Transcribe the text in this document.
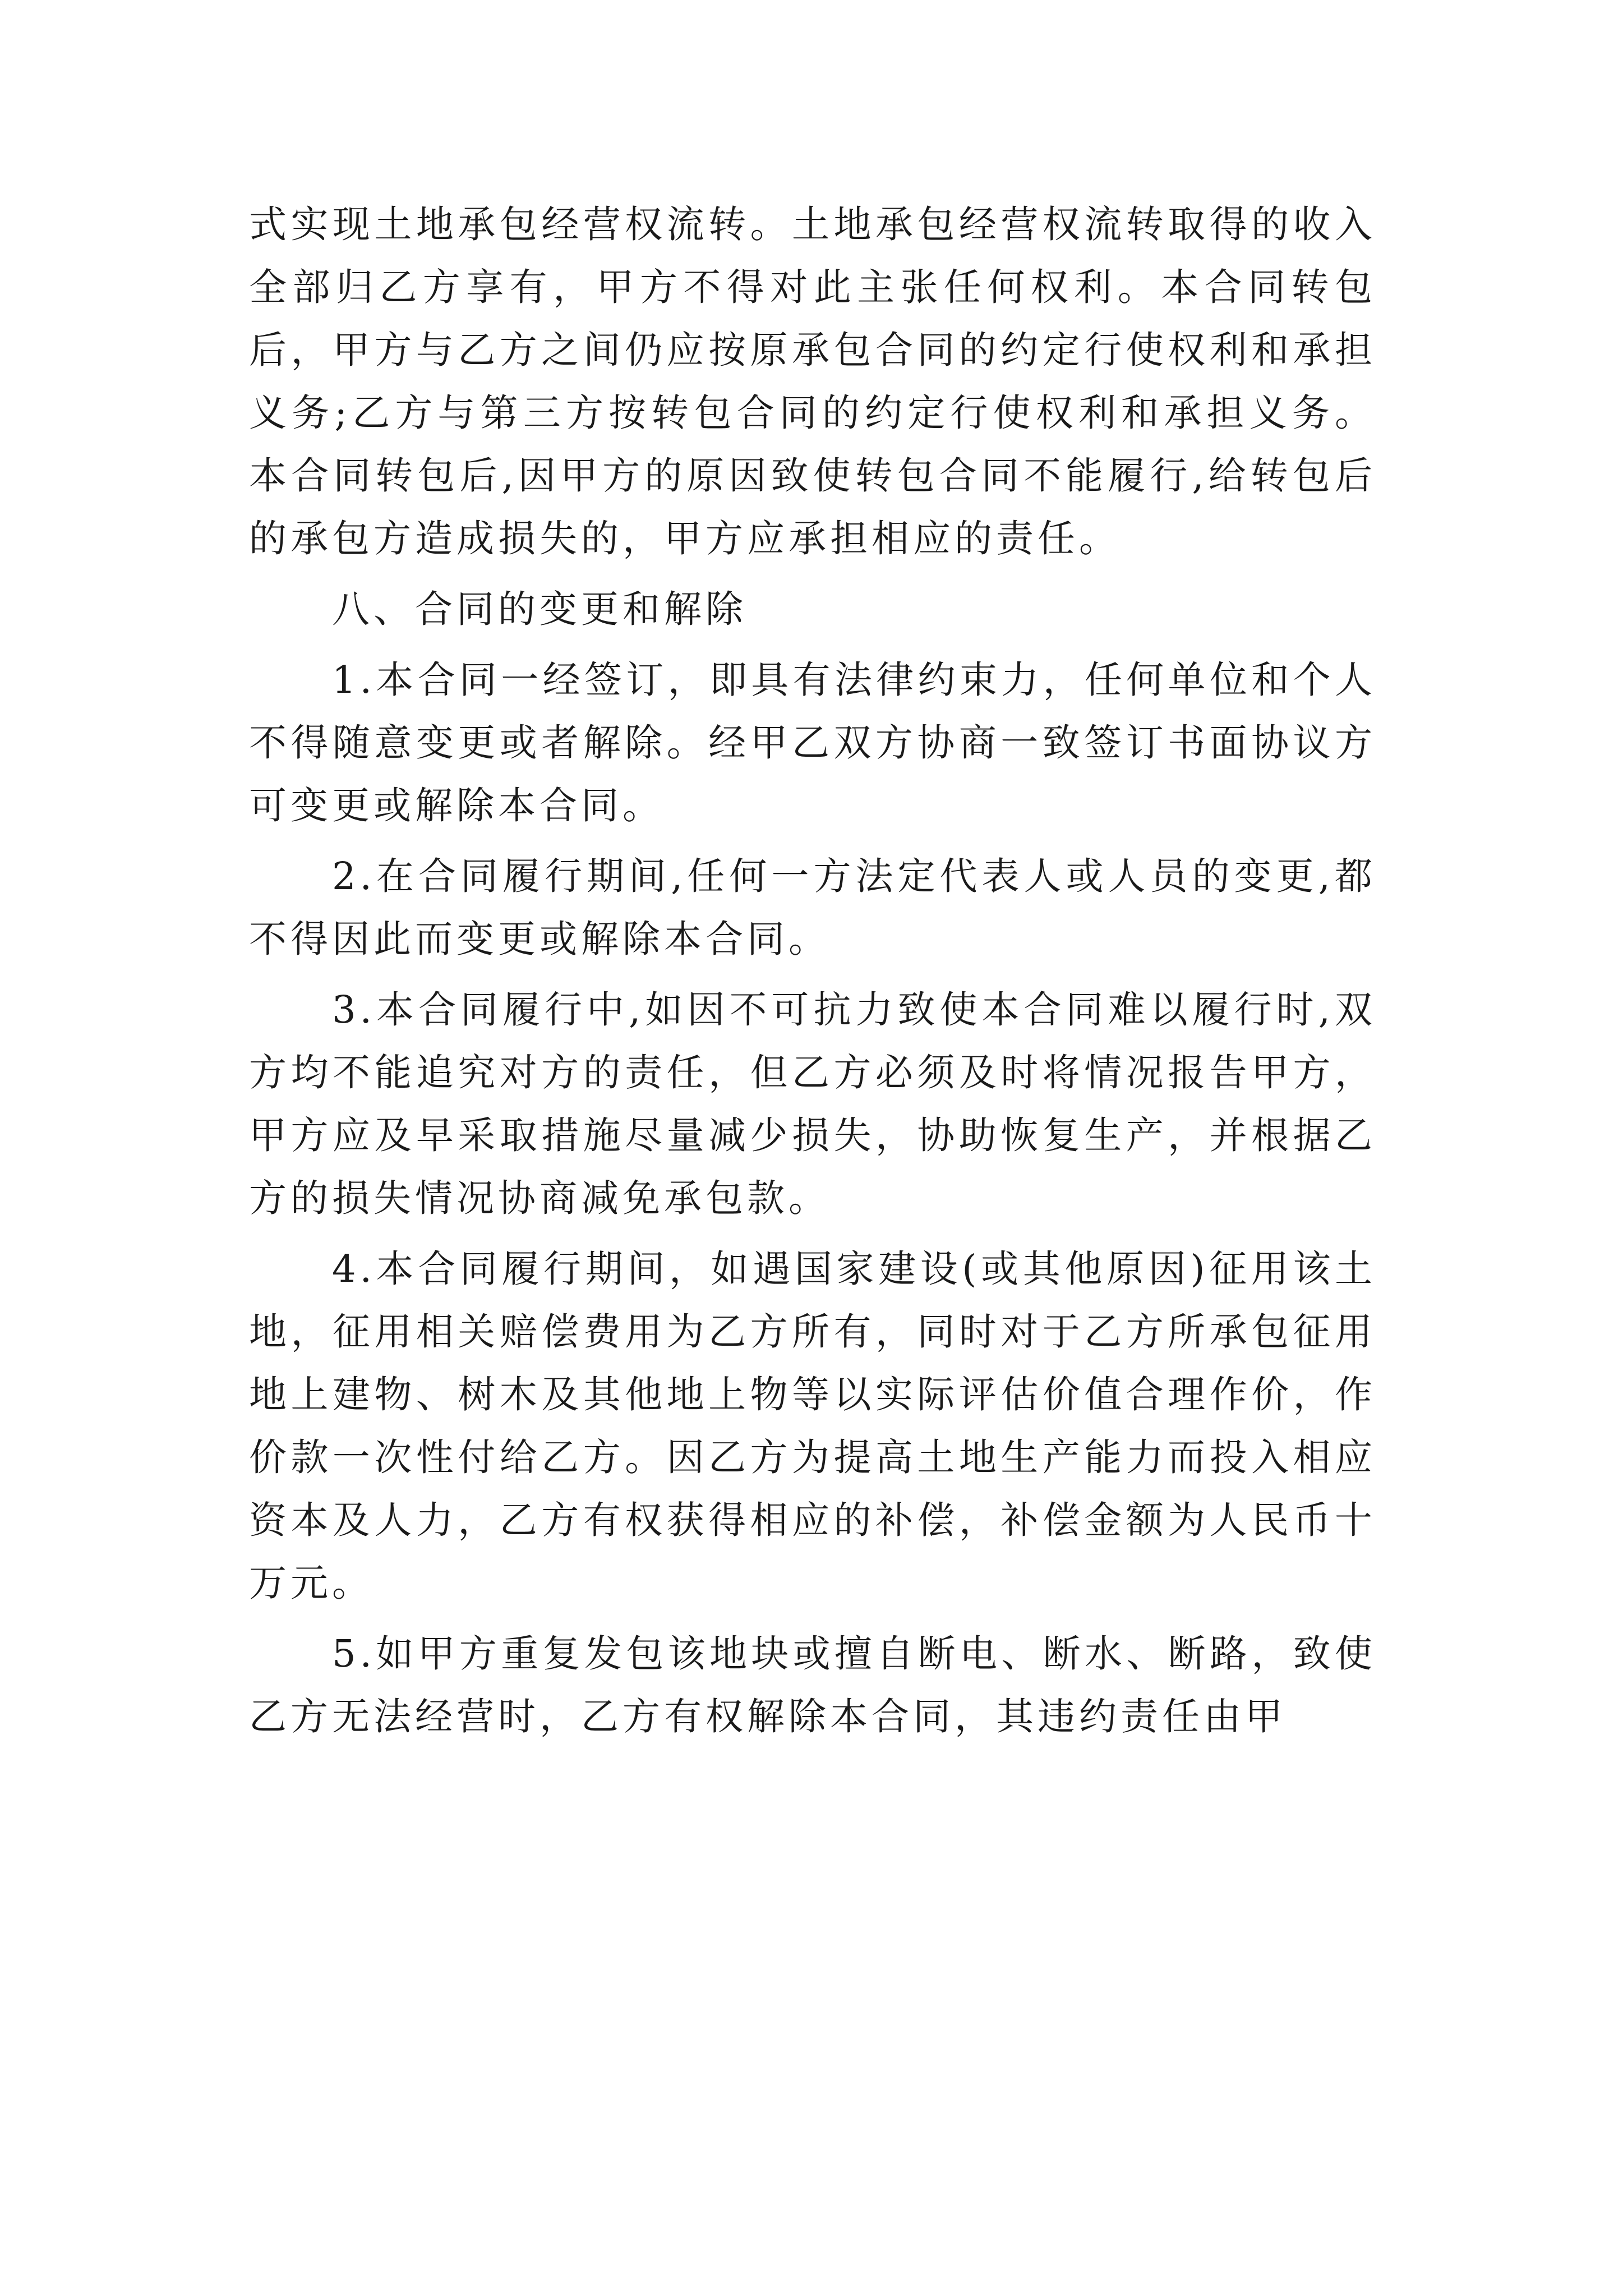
式实现土地承包经营权流转。土地承包经营权流转取得的收入全部归乙方享有，甲方不得对此主张任何权利。本合同转包后，甲方与乙方之间仍应按原承包合同的约定行使权利和承担义务;乙方与第三方按转包合同的约定行使权利和承担义务。本合同转包后,因甲方的原因致使转包合同不能履行,给转包后的承包方造成损失的，甲方应承担相应的责任。

八、合同的变更和解除

1.本合同一经签订，即具有法律约束力，任何单位和个人不得随意变更或者解除。经甲乙双方协商一致签订书面协议方可变更或解除本合同。

2.在合同履行期间,任何一方法定代表人或人员的变更,都不得因此而变更或解除本合同。

3.本合同履行中,如因不可抗力致使本合同难以履行时,双方均不能追究对方的责任，但乙方必须及时将情况报告甲方，甲方应及早采取措施尽量减少损失，协助恢复生产，并根据乙方的损失情况协商减免承包款。

4.本合同履行期间，如遇国家建设(或其他原因)征用该土地，征用相关赔偿费用为乙方所有，同时对于乙方所承包征用地上建物、树木及其他地上物等以实际评估价值合理作价，作价款一次性付给乙方。因乙方为提高土地生产能力而投入相应资本及人力，乙方有权获得相应的补偿，补偿金额为人民币十万元。

5.如甲方重复发包该地块或擅自断电、断水、断路，致使乙方无法经营时，乙方有权解除本合同，其违约责任由甲
